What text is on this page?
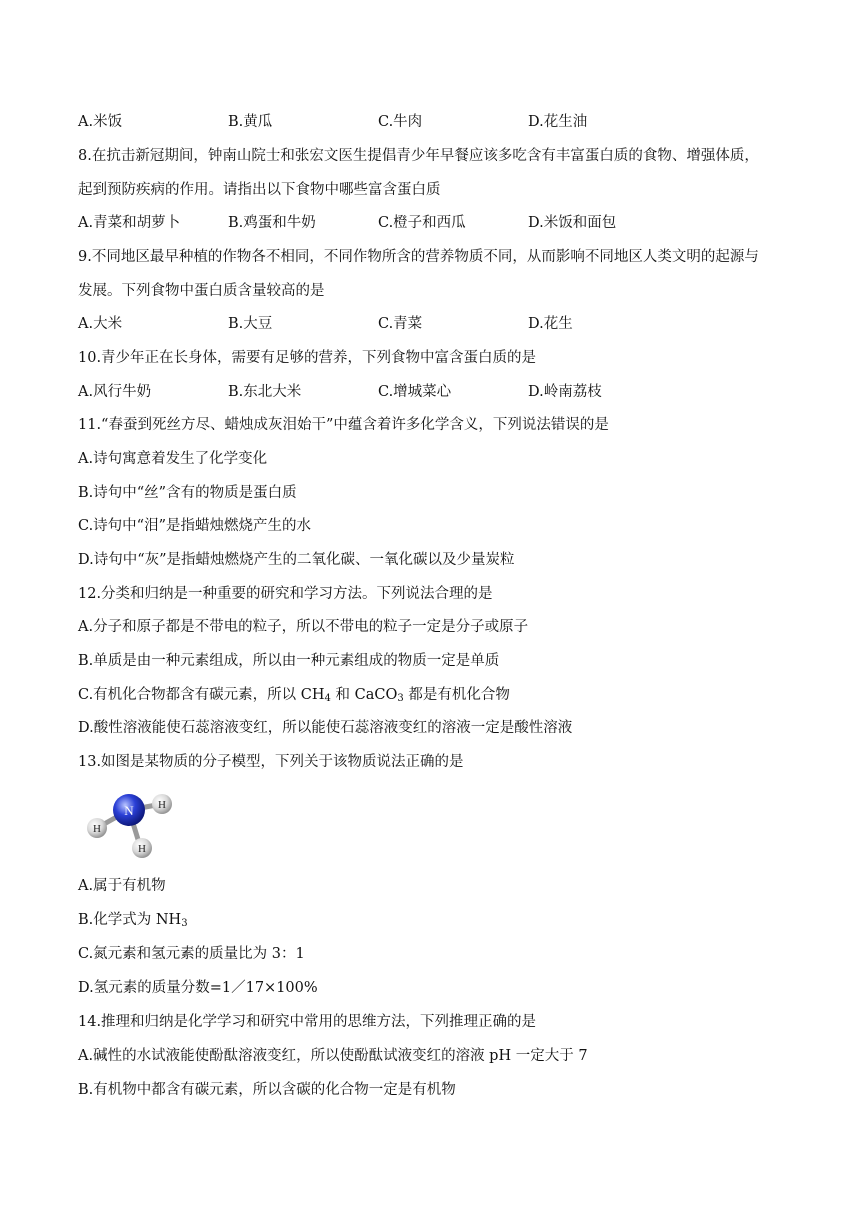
A.米饭	B.黄瓜	C.牛肉	D.花生油
8.在抗击新冠期间，钟南山院士和张宏文医生提倡青少年早餐应该多吃含有丰富蛋白质的食物、增强体质，
起到预防疾病的作用。请指出以下食物中哪些富含蛋白质
A.青菜和胡萝卜	B.鸡蛋和牛奶	C.橙子和西瓜	D.米饭和面包
9.不同地区最早种植的作物各不相同，不同作物所含的营养物质不同，从而影响不同地区人类文明的起源与
发展。下列食物中蛋白质含量较高的是
A.大米	B.大豆	C.青菜	D.花生
10.青少年正在长身体，需要有足够的营养，下列食物中富含蛋白质的是
A.风行牛奶	B.东北大米	C.增城菜心	D.岭南荔枝
11.“春蚕到死丝方尽、蜡烛成灰泪始干”中蕴含着许多化学含义，下列说法错误的是
A.诗句寓意着发生了化学变化
B.诗句中“丝”含有的物质是蛋白质
C.诗句中“泪”是指蜡烛燃烧产生的水
D.诗句中“灰”是指蜡烛燃烧产生的二氧化碳、一氧化碳以及少量炭粒
12.分类和归纳是一种重要的研究和学习方法。下列说法合理的是
A.分子和原子都是不带电的粒子，所以不带电的粒子一定是分子或原子
B.单质是由一种元素组成，所以由一种元素组成的物质一定是单质
C.有机化合物都含有碳元素，所以 $CH_4$ 和 CaCO$_3$ 都是有机化合物
D.酸性溶液能使石蕊溶液变红，所以能使石蕊溶液变红的溶液一定是酸性溶液
13.如图是某物质的分子模型，下列关于该物质说法正确的是
N H
H
H
A.属于有机物
B.化学式为 $NH_3$
C.氮元素和氢元素的质量比为 3：1
D.氢元素的质量分数=1／17×100%
14.推理和归纳是化学学习和研究中常用的思维方法，下列推理正确的是
A.碱性的水试液能使酚酞溶液变红，所以使酚酞试液变红的溶液 pH 一定大于 7
B.有机物中都含有碳元素，所以含碳的化合物一定是有机物
